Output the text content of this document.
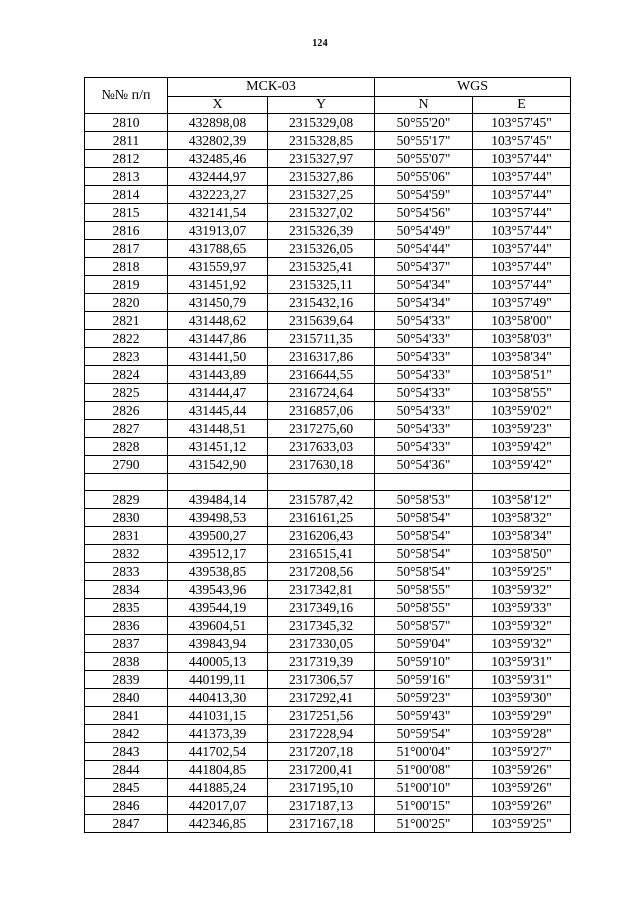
124
№№ п/п	МСК-03		WGS	
	X	Y	N	E
2810	432898,08	2315329,08	50°55'20"	103°57'45"
2811	432802,39	2315328,85	50°55'17"	103°57'45"
2812	432485,46	2315327,97	50°55'07"	103°57'44"
2813	432444,97	2315327,86	50°55'06"	103°57'44"
2814	432223,27	2315327,25	50°54'59"	103°57'44"
2815	432141,54	2315327,02	50°54'56"	103°57'44"
2816	431913,07	2315326,39	50°54'49"	103°57'44"
2817	431788,65	2315326,05	50°54'44"	103°57'44"
2818	431559,97	2315325,41	50°54'37"	103°57'44"
2819	431451,92	2315325,11	50°54'34"	103°57'44"
2820	431450,79	2315432,16	50°54'34"	103°57'49"
2821	431448,62	2315639,64	50°54'33"	103°58'00"
2822	431447,86	2315711,35	50°54'33"	103°58'03"
2823	431441,50	2316317,86	50°54'33"	103°58'34"
2824	431443,89	2316644,55	50°54'33"	103°58'51"
2825	431444,47	2316724,64	50°54'33"	103°58'55"
2826	431445,44	2316857,06	50°54'33"	103°59'02"
2827	431448,51	2317275,60	50°54'33"	103°59'23"
2828	431451,12	2317633,03	50°54'33"	103°59'42"
2790	431542,90	2317630,18	50°54'36"	103°59'42"

2829	439484,14	2315787,42	50°58'53"	103°58'12"
2830	439498,53	2316161,25	50°58'54"	103°58'32"
2831	439500,27	2316206,43	50°58'54"	103°58'34"
2832	439512,17	2316515,41	50°58'54"	103°58'50"
2833	439538,85	2317208,56	50°58'54"	103°59'25"
2834	439543,96	2317342,81	50°58'55"	103°59'32"
2835	439544,19	2317349,16	50°58'55"	103°59'33"
2836	439604,51	2317345,32	50°58'57"	103°59'32"
2837	439843,94	2317330,05	50°59'04"	103°59'32"
2838	440005,13	2317319,39	50°59'10"	103°59'31"
2839	440199,11	2317306,57	50°59'16"	103°59'31"
2840	440413,30	2317292,41	50°59'23"	103°59'30"
2841	441031,15	2317251,56	50°59'43"	103°59'29"
2842	441373,39	2317228,94	50°59'54"	103°59'28"
2843	441702,54	2317207,18	51°00'04"	103°59'27"
2844	441804,85	2317200,41	51°00'08"	103°59'26"
2845	441885,24	2317195,10	51°00'10"	103°59'26"
2846	442017,07	2317187,13	51°00'15"	103°59'26"
2847	442346,85	2317167,18	51°00'25"	103°59'25"
